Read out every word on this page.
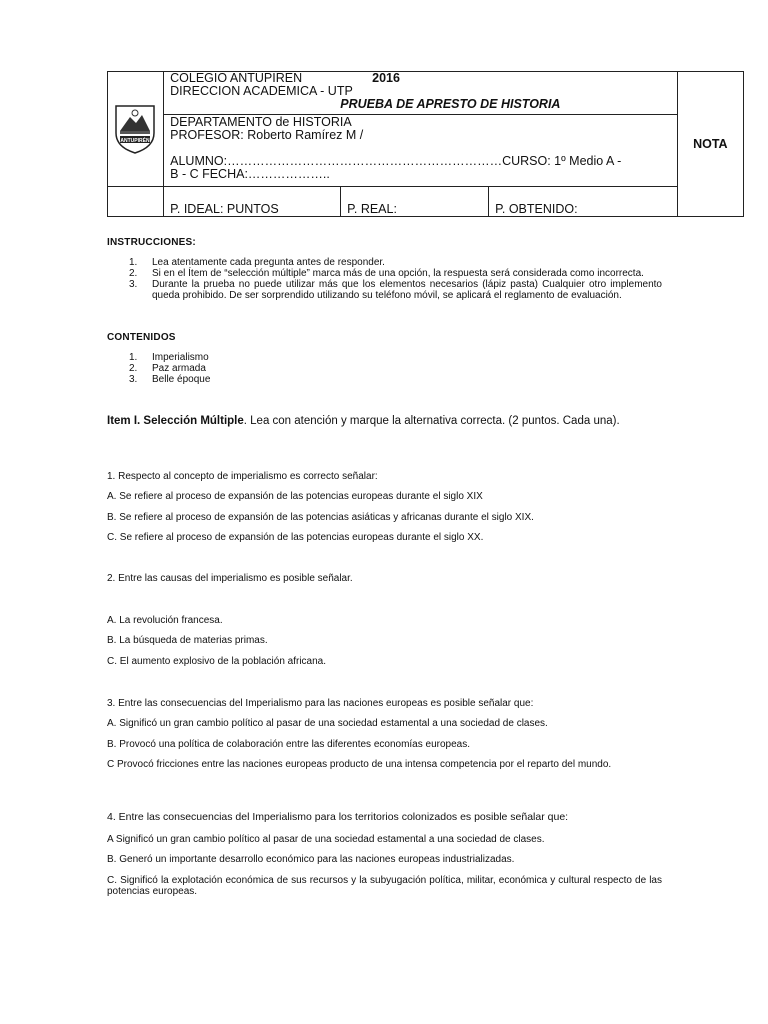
ANTUPIRÉN	COLEGIO ANTUPIREN 2016
DIRECCION ACADÉMICA - UTP
PRUEBA DE APRESTO DE HISTORIA	NOTA

	DEPARTAMENTO de HISTORIA
PROFESOR: Roberto Ramírez M /
ALUMNO:…………………………………………………………CURSO: 1º Medio A -
B - C FECHA:………………..	

	P. IDEAL: PUNTOS P. REAL: P. OBTENIDO:	
INSTRUCCIONES:
1. Lea atentamente cada pregunta antes de responder.
2. Si en el Ítem de “selección múltiple” marca más de una opción, la respuesta será considerada como incorrecta.
3. Durante la prueba no puede utilizar más que los elementos necesarios (lápiz pasta) Cualquier otro implemento queda prohibido. De ser sorprendido utilizando su teléfono móvil, se aplicará el reglamento de evaluación.
CONTENIDOS
1. Imperialismo
2. Paz armada
3. Belle époque
Item I. Selección Múltiple. Lea con atención y marque la alternativa correcta. (2 puntos. Cada una).
1. Respecto al concepto de imperialismo es correcto señalar:
A. Se refiere al proceso de expansión de las potencias europeas durante el siglo XIX
B. Se refiere al proceso de expansión de las potencias asiáticas y africanas durante el siglo XIX.
C. Se refiere al proceso de expansión de las potencias europeas durante el siglo XX.
2. Entre las causas del imperialismo es posible señalar.
A. La revolución francesa.
B. La búsqueda de materias primas.
C. El aumento explosivo de la población africana.
3. Entre las consecuencias del Imperialismo para las naciones europeas es posible señalar que:
A. Significó un gran cambio político al pasar de una sociedad estamental a una sociedad de clases.
B. Provocó una política de colaboración entre las diferentes economías europeas.
C Provocó fricciones entre las naciones europeas producto de una intensa competencia por el reparto del mundo.
4. Entre las consecuencias del Imperialismo para los territorios colonizados es posible señalar que:
A Significó un gran cambio político al pasar de una sociedad estamental a una sociedad de clases.
B. Generó un importante desarrollo económico para las naciones europeas industrializadas.
C. Significó la explotación económica de sus recursos y la subyugación política, militar, económica y cultural respecto de las potencias europeas.
